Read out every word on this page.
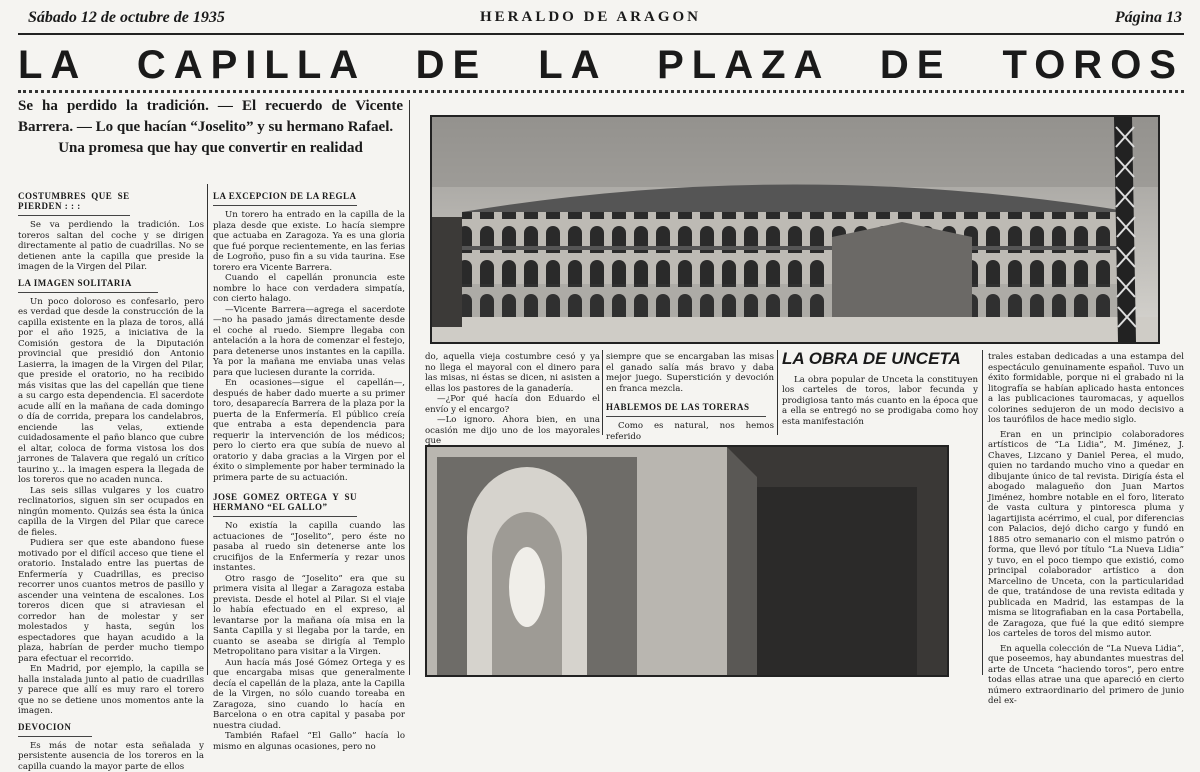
Sábado 12 de octubre de 1935	HERALDO DE ARAGON	Página 13
LA CAPILLA DE LA PLAZA DE TOROS
Se ha perdido la tradición. — El recuerdo de Vicente Barrera. — Lo que hacían “Joselito” y su hermano Rafael.
Una promesa que hay que convertir en realidad
COSTUMBRES QUE SE PIERDEN : : :

Se va perdiendo la tradición. Los toreros saltan del coche y se dirigen directamente al patio de cuadrillas. No se detienen ante la capilla que preside la imagen de la Virgen del Pilar.

LA IMAGEN SOLITARIA

Un poco doloroso es confesarlo, pero es verdad que desde la construcción de la capilla existente en la plaza de toros, allá por el año 1925, a iniciativa de la Comisión gestora de la Diputación provincial que presidió don Antonio Lasierra, la imagen de la Virgen del Pilar, que preside el oratorio, no ha recibido más visitas que las del capellán que tiene a su cargo esta dependencia. El sacerdote acude allí en la mañana de cada domingo o día de corrida, prepara los candelabros, enciende las velas, extiende cuidadosamente el paño blanco que cubre el altar, coloca de forma vistosa los dos jarrones de Talavera que regaló un crítico taurino y... la imagen espera la llegada de los toreros que no acaden nunca.

Las seis sillas vulgares y los cuatro reclinatorios, siguen sin ser ocupados en ningún momento. Quizás sea ésta la única capilla de la Virgen del Pilar que carece de fieles.

Pudiera ser que este abandono fuese motivado por el difícil acceso que tiene el oratorio. Instalado entre las puertas de Enfermería y Cuadrillas, es preciso recorrer unos cuantos metros de pasillo y ascender una veintena de escalones. Los toreros dicen que si atraviesan el corredor han de molestar y ser molestados y hasta, según los espectadores que hayan acudido a la plaza, habrían de perder mucho tiempo para efectuar el recorrido.

En Madrid, por ejemplo, la capilla se halla instalada junto al patio de cuadrillas y parece que allí es muy raro el torero que no se detiene unos momentos ante la imagen.

DEVOCION

Es más de notar esta señalada y persistente ausencia de los toreros en la capilla cuando la mayor parte de ellos

LA EXCEPCION DE LA REGLA

Un torero ha entrado en la capilla de la plaza desde que existe. Lo hacía siempre que actuaba en Zaragoza. Ya es una gloria que fué porque recientemente, en las ferias de Logroño, puso fin a su vida taurina. Ese torero era Vicente Barrera.

Cuando el capellán pronuncia este nombre lo hace con verdadera simpatía, con cierto halago.

—Vicente Barrera—agrega el sacerdote—no ha pasado jamás directamente desde el coche al ruedo. Siempre llegaba con antelación a la hora de comenzar el festejo, para detenerse unos instantes en la capilla. Ya por la mañana me enviaba unas velas para que luciesen durante la corrida.

En ocasiones—sigue el capellán—, después de haber dado muerte a su primer toro, desaparecía Barrera de la plaza por la puerta de la Enfermería. El público creía que entraba a esta dependencia para requerir la intervención de los médicos; pero lo cierto era que subía de nuevo al oratorio y daba gracias a la Virgen por el éxito o simplemente por haber terminado la primera parte de su actuación.

JOSE GOMEZ ORTEGA Y SU HERMANO “EL GALLO”

No existía la capilla cuando las actuaciones de “Joselito”, pero éste no pasaba al ruedo sin detenerse ante los crucifijos de la Enfermería y rezar unos instantes.

Otro rasgo de “Joselito” era que su primera visita al llegar a Zaragoza estaba prevista. Desde el hotel al Pilar. Si el viaje lo había efectuado en el expreso, al levantarse por la mañana oía misa en la Santa Capilla y si llegaba por la tarde, en cuanto se aseaba se dirigía al Templo Metropolitano para visitar a la Virgen.

Aun hacía más José Gómez Ortega y es que encargaba misas que generalmente decía el capellán de la plaza, ante la Capilla de la Virgen, no sólo cuando toreaba en Zaragoza, sino cuando lo hacía en Barcelona o en otra capital y pasaba por nuestra ciudad.

También Rafael “El Gallo” hacía lo mismo en algunas ocasiones, pero no

do, aquella vieja costumbre cesó y ya no llega el mayoral con el dinero para las misas, ni éstas se dicen, ni asisten a ellas los pastores de la ganadería.

—¿Por qué hacía don Eduardo el envío y el encargo?

—Lo ignoro. Ahora bien, en una ocasión me dijo uno de los mayorales que

siempre que se encargaban las misas el ganado salía más bravo y daba mejor juego. Superstición y devoción en franca mezcla.

HABLEMOS DE LAS TORERAS

Como es natural, nos hemos referido

LA OBRA DE UNCETA

La obra popular de Unceta la constituyen los carteles de toros, labor fecunda y prodigiosa tanto más cuanto en la época que a ella se entregó no se prodigaba como hoy esta manifestación

trales estaban dedicadas a una estampa del espectáculo genuinamente español. Tuvo un éxito formidable, porque ni el grabado ni la litografía se habían aplicado hasta entonces a las publicaciones tauromacas, y aquellos colorines sedujeron de un modo decisivo a los taurófilos de hace medio siglo.

Eran en un principio colaboradores artísticos de “La Lidia”, M. Jiménez, J. Chaves, Lizcano y Daniel Perea, el mudo, quien no tardando mucho vino a quedar en dibujante único de tal revista. Dirigía ésta el abogado malagueño don Juan Martos Jiménez, hombre notable en el foro, literato de vasta cultura y pintoresca pluma y lagartijista acérrimo, el cual, por diferencias con Palacios, dejó dicho cargo y fundó en 1885 otro semanario con el mismo patrón o forma, que llevó por título “La Nueva Lidia” y tuvo, en el poco tiempo que existió, como principal colaborador artístico a don Marcelino de Unceta, con la particularidad de que, tratándose de una revista editada y publicada en Madrid, las estampas de la misma se litografiaban en la casa Portabella, de Zaragoza, que fué la que editó siempre los carteles de toros del mismo autor.

En aquella colección de “La Nueva Lidia”, que poseemos, hay abundantes muestras del arte de Unceta “haciendo toros”, pero entre todas ellas atrae una que apareció en cierto número extraordinario del primero de junio del ex-
